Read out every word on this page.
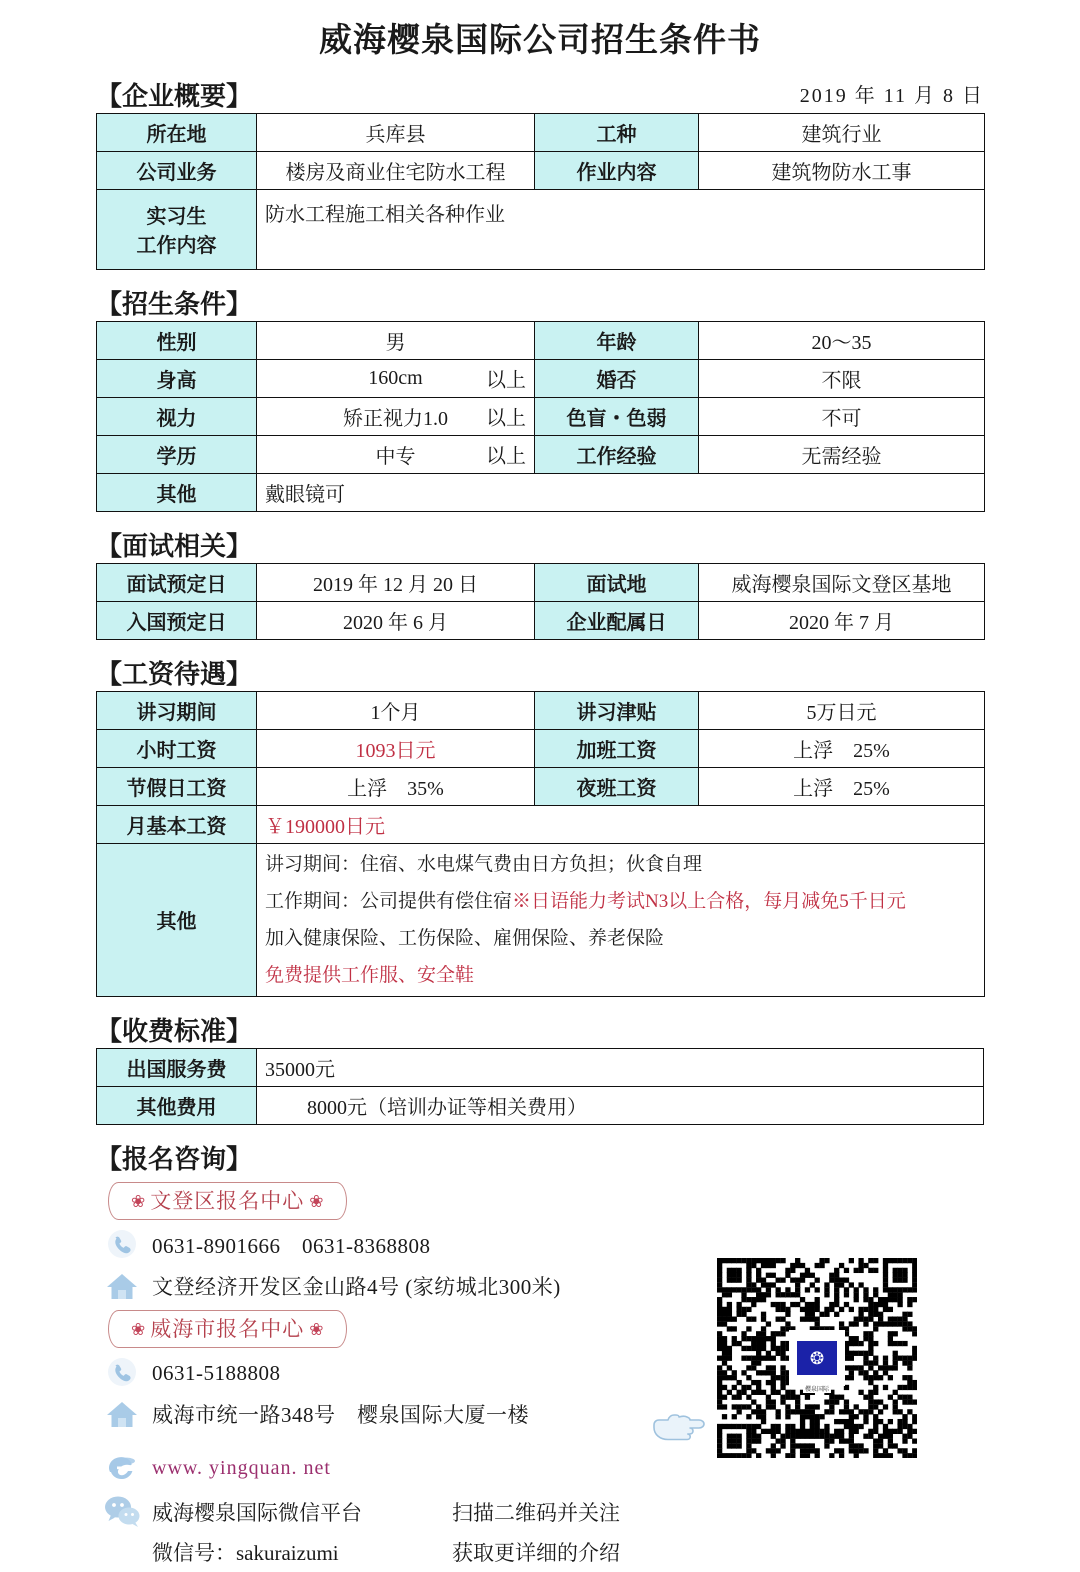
威海樱泉国际公司招生条件书
【企业概要】	2019 年 11 月 8 日
所在地	兵库县	工种	建筑行业
公司业务	楼房及商业住宅防水工程	作业内容	建筑物防水工事

实习生
工作内容	防水工程施工相关各种作业		
【招生条件】
性别	男	年龄	20～35
身高	160cm 以上	婚否	不限
视力	矫正视力1.0 以上	色盲・色弱	不可
学历	中专 以上	工作经验	无需经验
其他	戴眼镜可		
【面试相关】
面试预定日	2019 年 12 月 20 日	面试地	威海樱泉国际文登区基地
入国预定日	2020 年 6 月	企业配属日	2020 年 7 月
【工资待遇】
讲习期间	1个月	讲习津贴	5万日元
小时工资	1093日元	加班工资	上浮　25%
节假日工资	上浮　35%	夜班工资	上浮　25%
月基本工资	￥190000日元		
其他	讲习期间：住宿、水电煤气费由日方负担；伙食自理
工作期间：公司提供有偿住宿※日语能力考试N3以上合格，每月减免5千日元
加入健康保险、工伤保险、雇佣保险、养老保险
免费提供工作服、安全鞋		
【收费标准】
出国服务费	35000元
其他费用	8000元（培训办证等相关费用）
【报名咨询】
❀ 文登区报名中心 ❀
0631-8901666　0631-8368808
文登经济开发区金山路4号 (家纺城北300米)
❀ 威海市报名中心 ❀
0631-5188808
威海市统一路348号　樱泉国际大厦一楼
www. yingquan. net
威海樱泉国际微信平台	扫描二维码并关注
微信号：sakuraizumi	获取更详细的介绍
❂
樱泉国际
